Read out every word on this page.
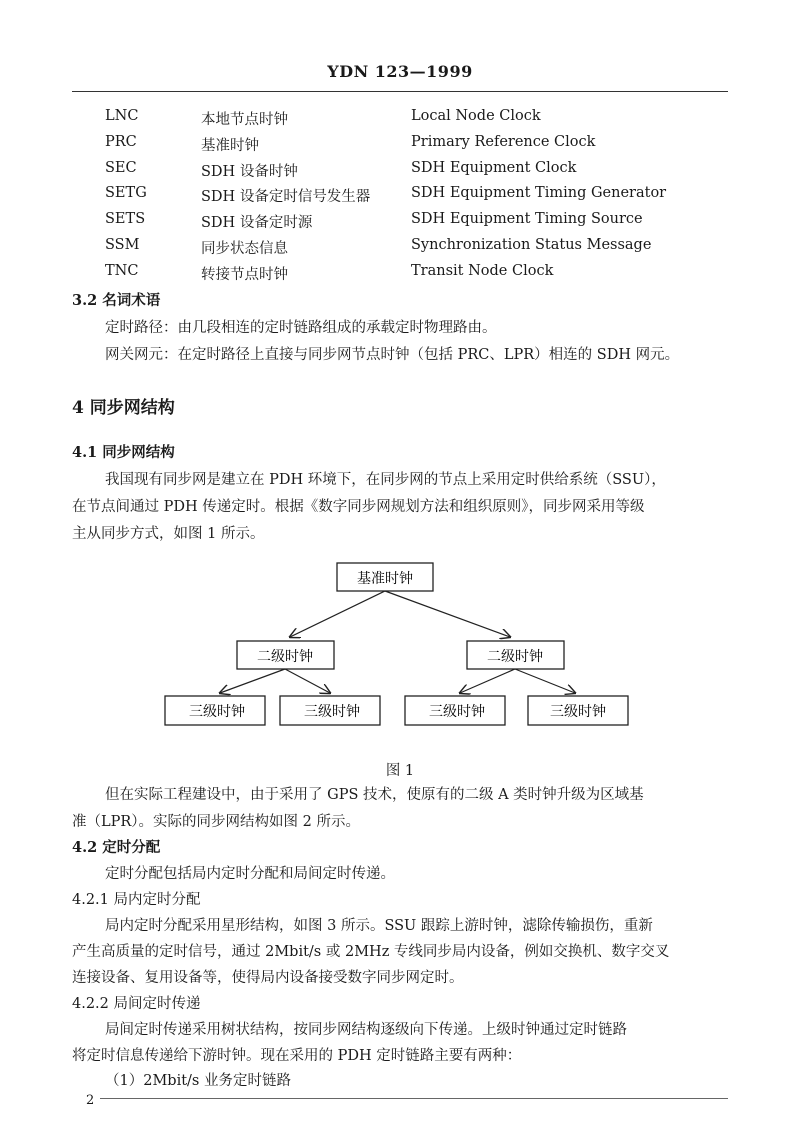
YDN 123—1999
LNC	本地节点时钟	Local Node Clock
PRC	基准时钟	Primary Reference Clock
SEC	SDH 设备时钟	SDH Equipment Clock
SETG	SDH 设备定时信号发生器	SDH Equipment Timing Generator
SETS	SDH 设备定时源	SDH Equipment Timing Source
SSM	同步状态信息	Synchronization Status Message
TNC	转接节点时钟	Transit Node Clock
3.2 名词术语
定时路径：由几段相连的定时链路组成的承载定时物理路由。
网关网元：在定时路径上直接与同步网节点时钟（包括 PRC、LPR）相连的 SDH 网元。
4 同步网结构
4.1 同步网结构
我国现有同步网是建立在 PDH 环境下，在同步网的节点上采用定时供给系统（SSU），
在节点间通过 PDH 传递定时。根据《数字同步网规划方法和组织原则》，同步网采用等级
主从同步方式，如图 1 所示。
基准时钟
二级时钟	二级时钟
三级时钟	三级时钟	三级时钟	三级时钟
图 1
但在实际工程建设中，由于采用了 GPS 技术，使原有的二级 A 类时钟升级为区域基
准（LPR）。实际的同步网结构如图 2 所示。
4.2 定时分配
定时分配包括局内定时分配和局间定时传递。
4.2.1 局内定时分配
局内定时分配采用星形结构，如图 3 所示。SSU 跟踪上游时钟，滤除传输损伤，重新
产生高质量的定时信号，通过 2Mbit/s 或 2MHz 专线同步局内设备，例如交换机、数字交叉
连接设备、复用设备等，使得局内设备接受数字同步网定时。
4.2.2 局间定时传递
局间定时传递采用树状结构，按同步网结构逐级向下传递。上级时钟通过定时链路
将定时信息传递给下游时钟。现在采用的 PDH 定时链路主要有两种：
（1）2Mbit/s 业务定时链路
2
